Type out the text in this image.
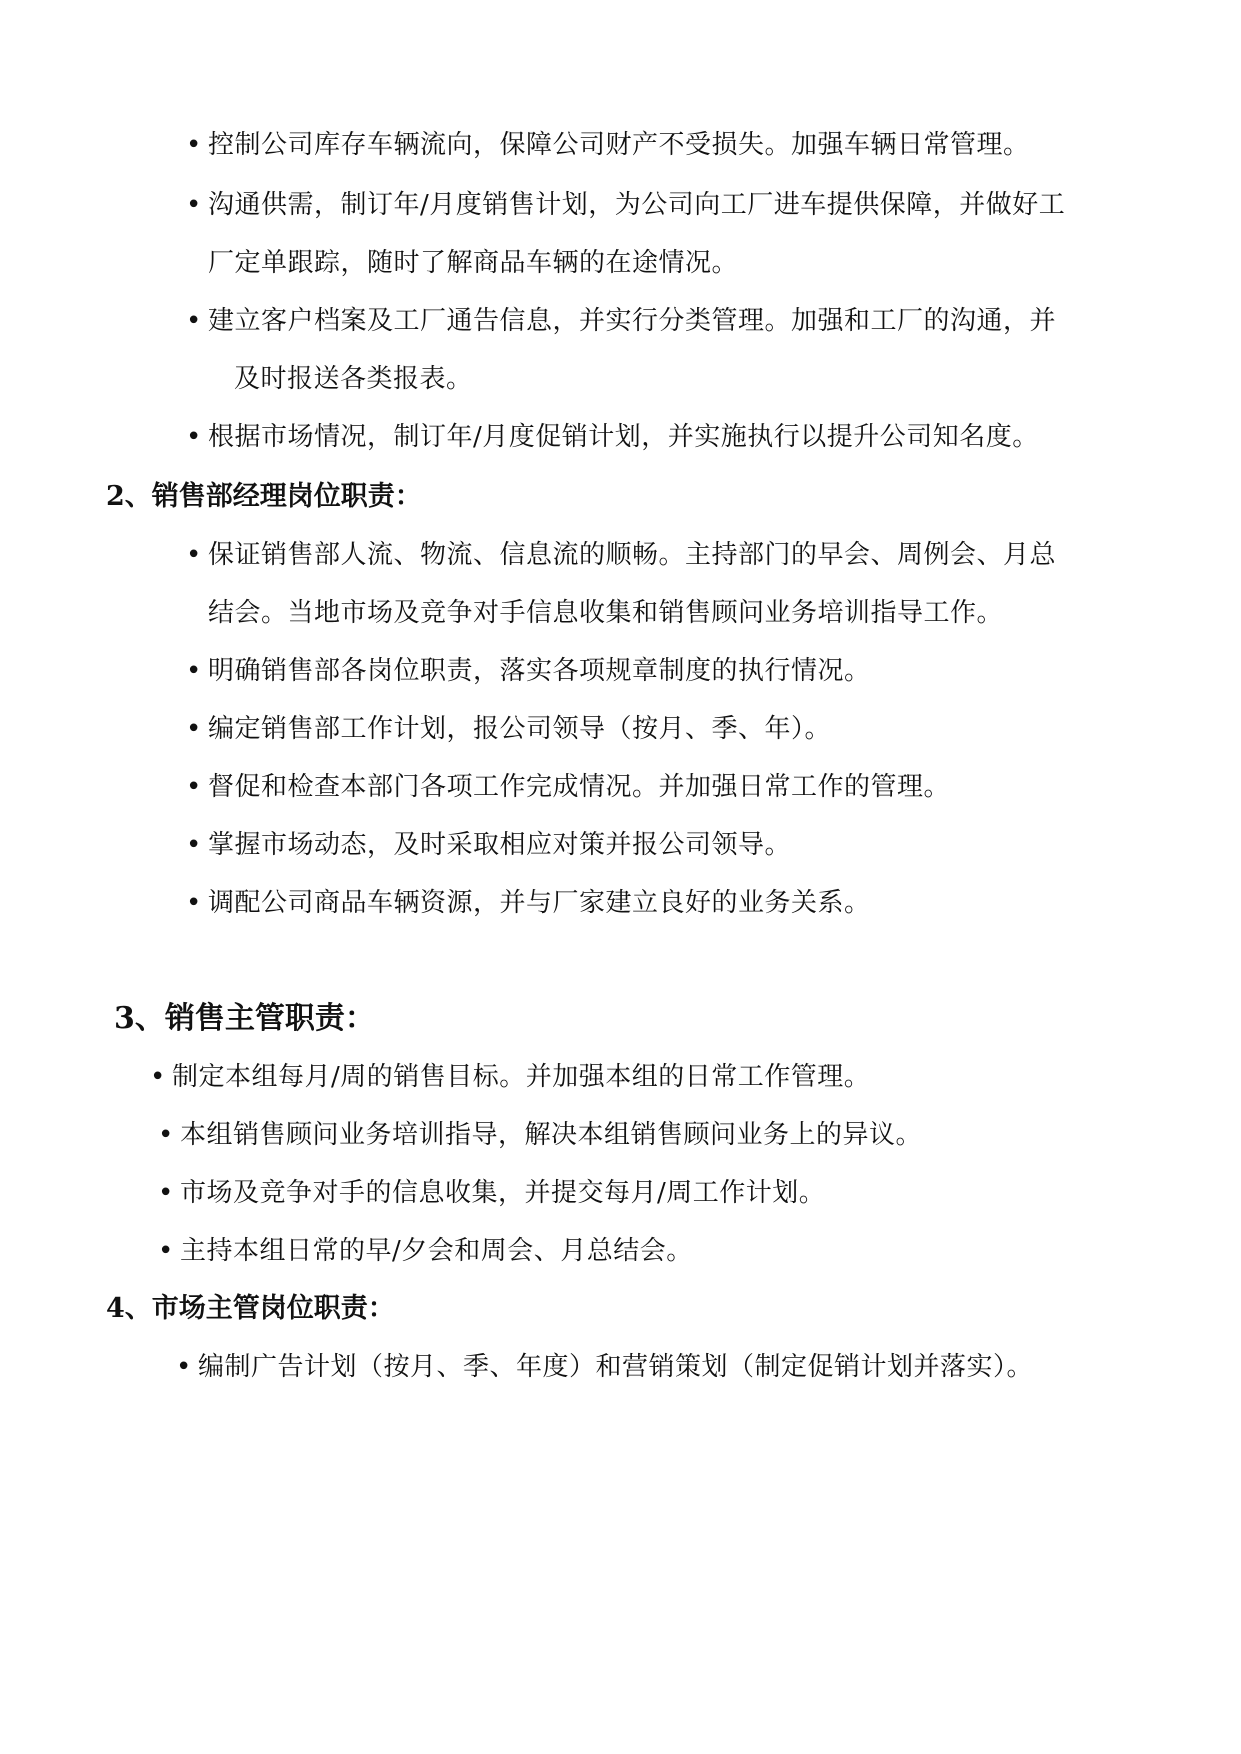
• 控制公司库存车辆流向，保障公司财产不受损失。加强车辆日常管理。
• 沟通供需，制订年/月度销售计划，为公司向工厂进车提供保障，并做好工
厂定单跟踪，随时了解商品车辆的在途情况。
• 建立客户档案及工厂通告信息，并实行分类管理。加强和工厂的沟通，并
及时报送各类报表。
• 根据市场情况，制订年/月度促销计划，并实施执行以提升公司知名度。
2、销售部经理岗位职责：
• 保证销售部人流、物流、信息流的顺畅。主持部门的早会、周例会、月总
结会。当地市场及竞争对手信息收集和销售顾问业务培训指导工作。
• 明确销售部各岗位职责，落实各项规章制度的执行情况。
• 编定销售部工作计划，报公司领导（按月、季、年）。
• 督促和检查本部门各项工作完成情况。并加强日常工作的管理。
• 掌握市场动态，及时采取相应对策并报公司领导。
• 调配公司商品车辆资源，并与厂家建立良好的业务关系。
3、销售主管职责：
• 制定本组每月/周的销售目标。并加强本组的日常工作管理。
• 本组销售顾问业务培训指导，解决本组销售顾问业务上的异议。
• 市场及竞争对手的信息收集，并提交每月/周工作计划。
• 主持本组日常的早/夕会和周会、月总结会。
4、市场主管岗位职责：
• 编制广告计划（按月、季、年度）和营销策划（制定促销计划并落实）。
